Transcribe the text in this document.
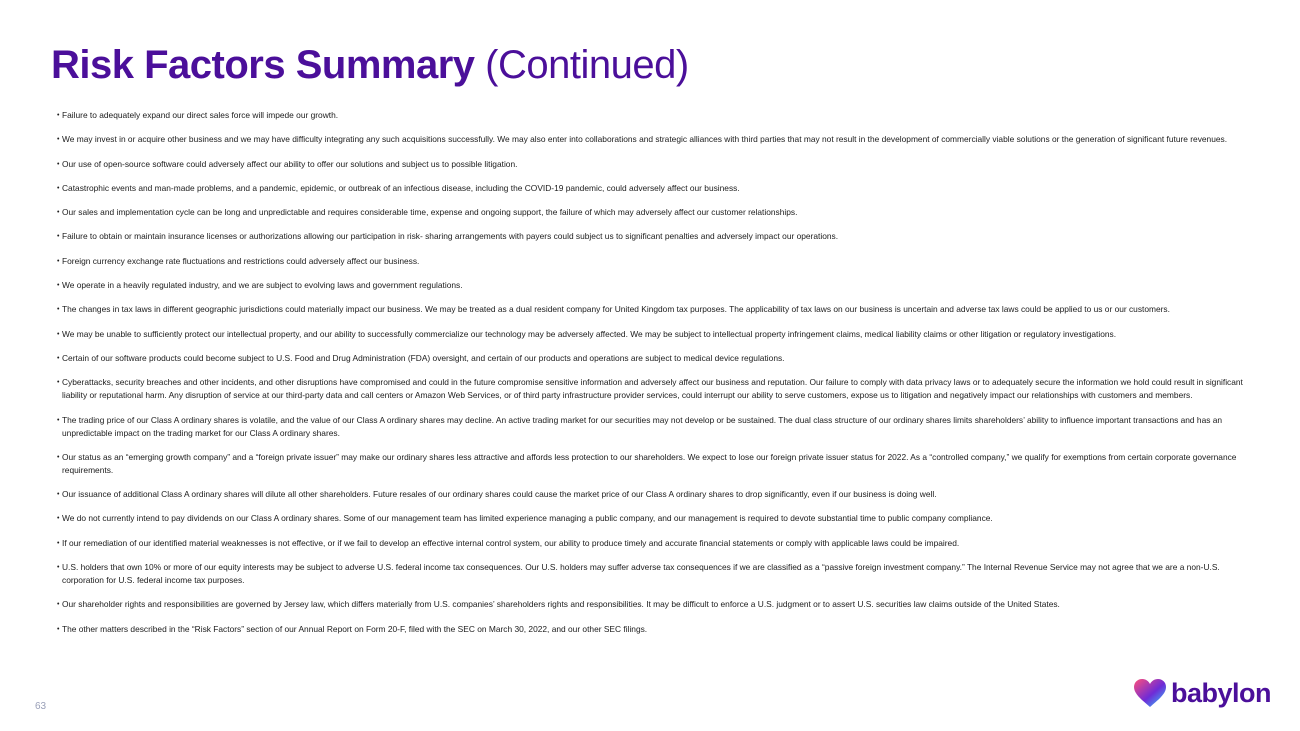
Risk Factors Summary (Continued)
• Failure to adequately expand our direct sales force will impede our growth.
• We may invest in or acquire other business and we may have difficulty integrating any such acquisitions successfully. We may also enter into collaborations and strategic alliances with third parties that may not result in the development of commercially viable solutions or the generation of significant future revenues.
• Our use of open-source software could adversely affect our ability to offer our solutions and subject us to possible litigation.
• Catastrophic events and man-made problems, and a pandemic, epidemic, or outbreak of an infectious disease, including the COVID-19 pandemic, could adversely affect our business.
• Our sales and implementation cycle can be long and unpredictable and requires considerable time, expense and ongoing support, the failure of which may adversely affect our customer relationships.
• Failure to obtain or maintain insurance licenses or authorizations allowing our participation in risk- sharing arrangements with payers could subject us to significant penalties and adversely impact our operations.
• Foreign currency exchange rate fluctuations and restrictions could adversely affect our business.
• We operate in a heavily regulated industry, and we are subject to evolving laws and government regulations.
• The changes in tax laws in different geographic jurisdictions could materially impact our business. We may be treated as a dual resident company for United Kingdom tax purposes. The applicability of tax laws on our business is uncertain and adverse tax laws could be applied to us or our customers.
• We may be unable to sufficiently protect our intellectual property, and our ability to successfully commercialize our technology may be adversely affected. We may be subject to intellectual property infringement claims, medical liability claims or other litigation or regulatory investigations.
• Certain of our software products could become subject to U.S. Food and Drug Administration (FDA) oversight, and certain of our products and operations are subject to medical device regulations.
• Cyberattacks, security breaches and other incidents, and other disruptions have compromised and could in the future compromise sensitive information and adversely affect our business and reputation. Our failure to comply with data privacy laws or to adequately secure the information we hold could result in significant liability or reputational harm. Any disruption of service at our third-party data and call centers or Amazon Web Services, or of third party infrastructure provider services, could interrupt our ability to serve customers, expose us to litigation and negatively impact our relationships with customers and members.
• The trading price of our Class A ordinary shares is volatile, and the value of our Class A ordinary shares may decline. An active trading market for our securities may not develop or be sustained. The dual class structure of our ordinary shares limits shareholders’ ability to influence important transactions and has an unpredictable impact on the trading market for our Class A ordinary shares.
• Our status as an “emerging growth company” and a “foreign private issuer” may make our ordinary shares less attractive and affords less protection to our shareholders. We expect to lose our foreign private issuer status for 2022. As a “controlled company,” we qualify for exemptions from certain corporate governance requirements.
• Our issuance of additional Class A ordinary shares will dilute all other shareholders. Future resales of our ordinary shares could cause the market price of our Class A ordinary shares to drop significantly, even if our business is doing well.
• We do not currently intend to pay dividends on our Class A ordinary shares. Some of our management team has limited experience managing a public company, and our management is required to devote substantial time to public company compliance.
• If our remediation of our identified material weaknesses is not effective, or if we fail to develop an effective internal control system, our ability to produce timely and accurate financial statements or comply with applicable laws could be impaired.
• U.S. holders that own 10% or more of our equity interests may be subject to adverse U.S. federal income tax consequences. Our U.S. holders may suffer adverse tax consequences if we are classified as a “passive foreign investment company.” The Internal Revenue Service may not agree that we are a non-U.S. corporation for U.S. federal income tax purposes.
• Our shareholder rights and responsibilities are governed by Jersey law, which differs materially from U.S. companies’ shareholders rights and responsibilities. It may be difficult to enforce a U.S. judgment or to assert U.S. securities law claims outside of the United States.
• The other matters described in the “Risk Factors” section of our Annual Report on Form 20-F, filed with the SEC on March 30, 2022, and our other SEC filings.
63	babylon
